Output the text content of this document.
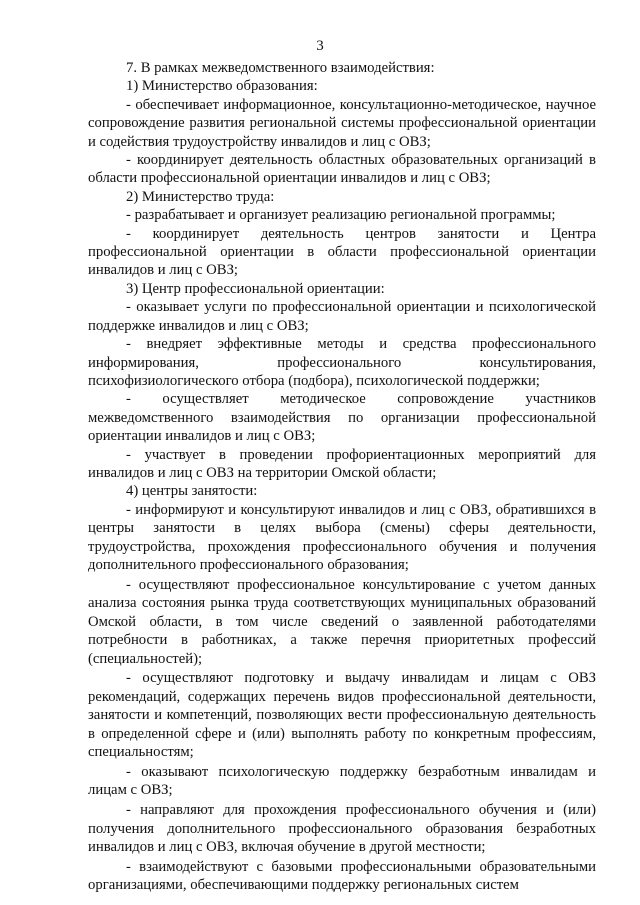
3

7. В рамках межведомственного взаимодействия:

1) Министерство образования:

- обеспечивает информационное, консультационно-методическое, научное сопровождение развития региональной системы профессиональной ориентации и содействия трудоустройству инвалидов и лиц с ОВЗ;

- координирует деятельность областных образовательных организаций в области профессиональной ориентации инвалидов и лиц с ОВЗ;

2) Министерство труда:

- разрабатывает и организует реализацию региональной программы;

- координирует деятельность центров занятости и Центра профессиональной ориентации в области профессиональной ориентации инвалидов и лиц с ОВЗ;

3) Центр профессиональной ориентации:

- оказывает услуги по профессиональной ориентации и психологической поддержке инвалидов и лиц с ОВЗ;

- внедряет эффективные методы и средства профессионального информирования, профессионального консультирования, психофизиологического отбора (подбора), психологической поддержки;

- осуществляет методическое сопровождение участников межведомственного взаимодействия по организации профессиональной ориентации инвалидов и лиц с ОВЗ;

- участвует в проведении профориентационных мероприятий для инвалидов и лиц с ОВЗ на территории Омской области;

4) центры занятости:

- информируют и консультируют инвалидов и лиц с ОВЗ, обратившихся в центры занятости в целях выбора (смены) сферы деятельности, трудоустройства, прохождения профессионального обучения и получения дополнительного профессионального образования;

- осуществляют профессиональное консультирование с учетом данных анализа состояния рынка труда соответствующих муниципальных образований Омской области, в том числе сведений о заявленной работодателями потребности в работниках, а также перечня приоритетных профессий (специальностей);

- осуществляют подготовку и выдачу инвалидам и лицам с ОВЗ рекомендаций, содержащих перечень видов профессиональной деятельности, занятости и компетенций, позволяющих вести профессиональную деятельность в определенной сфере и (или) выполнять работу по конкретным профессиям, специальностям;

- оказывают психологическую поддержку безработным инвалидам и лицам с ОВЗ;

- направляют для прохождения профессионального обучения и (или) получения дополнительного профессионального образования безработных инвалидов и лиц с ОВЗ, включая обучение в другой местности;

- взаимодействуют с базовыми профессиональными образовательными организациями, обеспечивающими поддержку региональных систем
